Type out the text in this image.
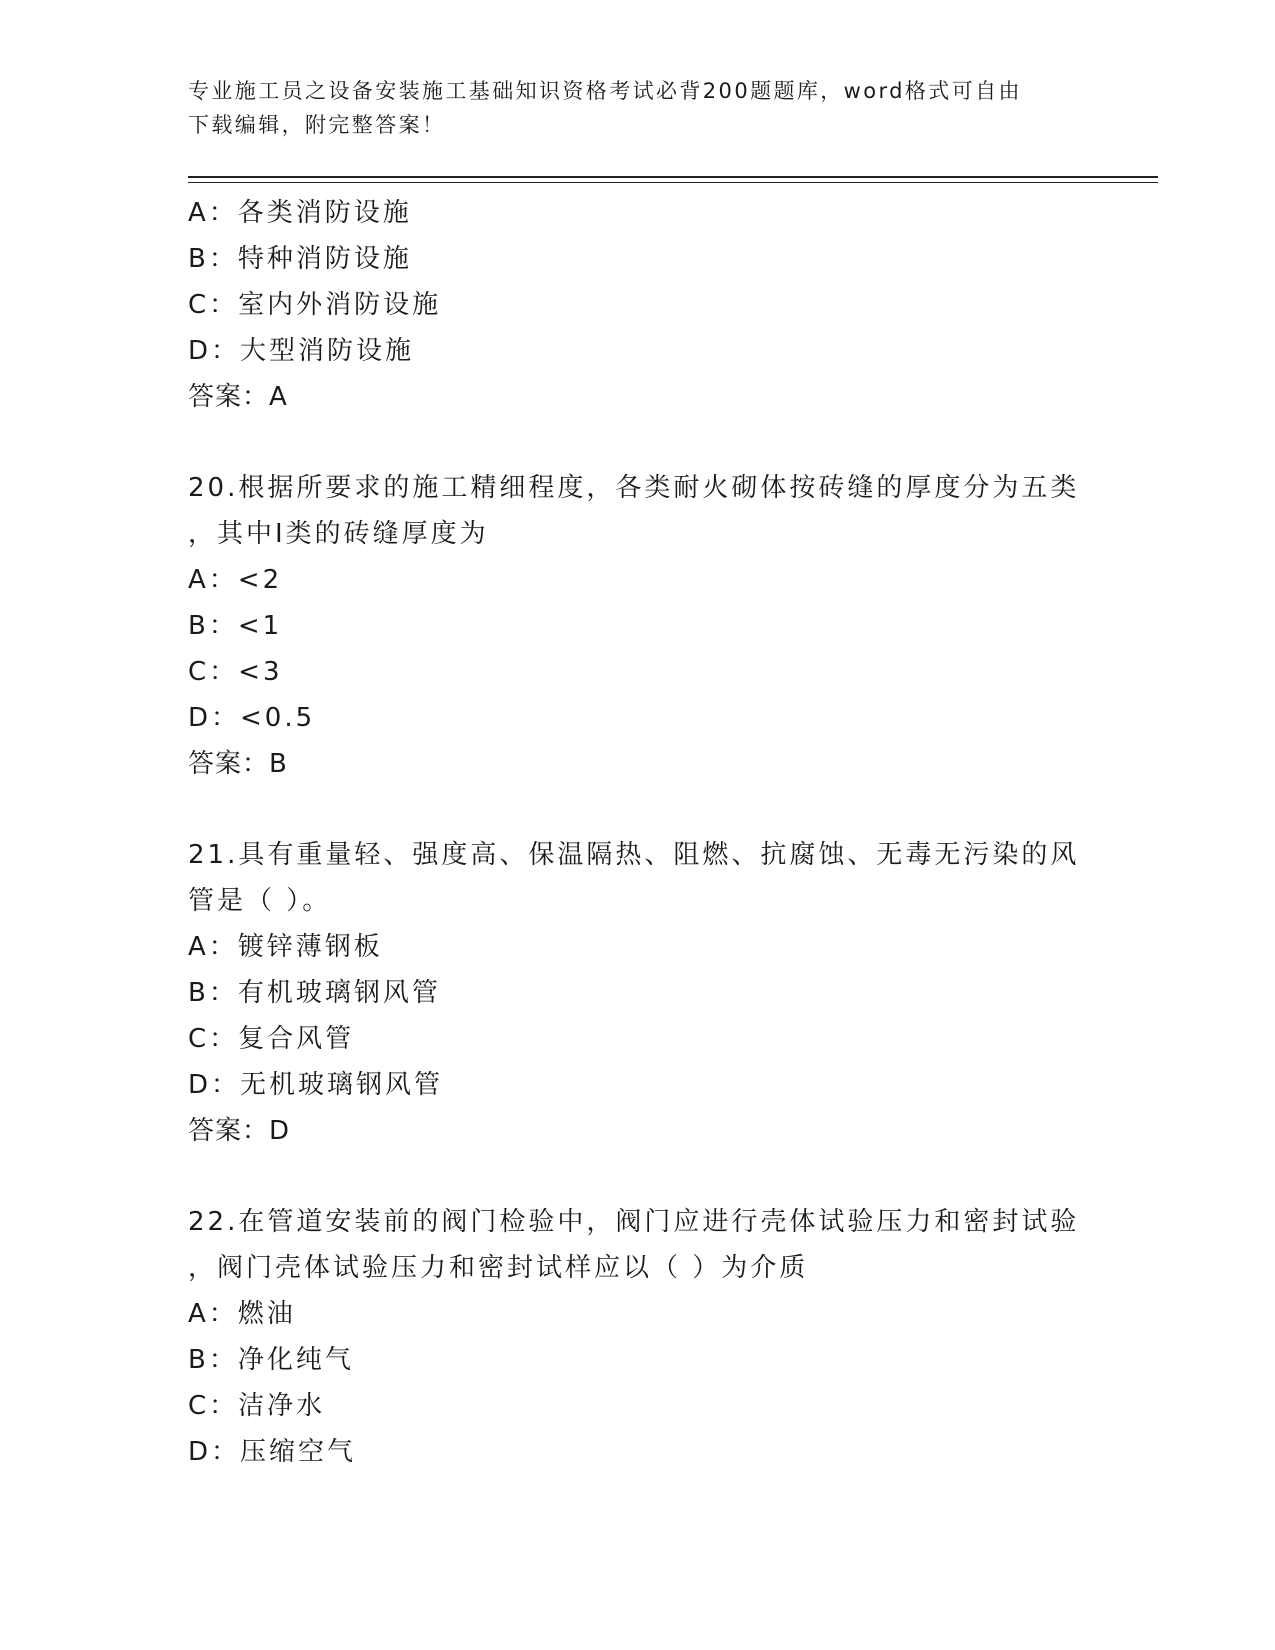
专业施工员之设备安装施工基础知识资格考试必背200题题库，word格式可自由
下载编辑，附完整答案！
A：各类消防设施
B：特种消防设施
C：室内外消防设施
D：大型消防设施
答案：A
20.根据所要求的施工精细程度，各类耐火砌体按砖缝的厚度分为五类
，其中Ⅰ类的砖缝厚度为
A：<2
B：<1
C：<3
D：<0.5
答案：B
21.具有重量轻、强度高、保温隔热、阻燃、抗腐蚀、无毒无污染的风
管是（ ）。
A：镀锌薄钢板
B：有机玻璃钢风管
C：复合风管
D：无机玻璃钢风管
答案：D
22.在管道安装前的阀门检验中，阀门应进行壳体试验压力和密封试验
，阀门壳体试验压力和密封试样应以（ ）为介质
A：燃油
B：净化纯气
C：洁净水
D：压缩空气
